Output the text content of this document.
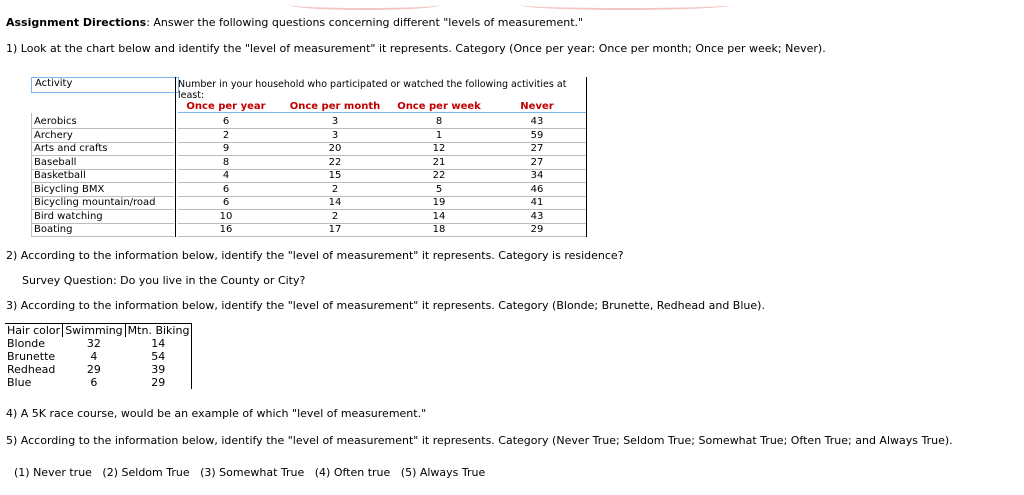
Assignment Directions: Answer the following questions concerning different "levels of measurement."
1) Look at the chart below and identify the "level of measurement" it represents. Category (Once per year: Once per month; Once per week; Never).
Activity	Number in your household who participated or watched the following activities at least:
Once per year	Once per month	Once per week	Never
Aerobics	6	3	8	43
Archery	2	3	1	59
Arts and crafts	9	20	12	27
Baseball	8	22	21	27
Basketball	4	15	22	34
Bicycling BMX	6	2	5	46
Bicycling mountain/road	6	14	19	41
Bird watching	10	2	14	43
Boating	16	17	18	29
2) According to the information below, identify the "level of measurement" it represents. Category is residence?
Survey Question: Do you live in the County or City?
3) According to the information below, identify the "level of measurement" it represents. Category (Blonde; Brunette, Redhead and Blue).
Hair color	Swimming	Mtn. Biking
Blonde	32	14
Brunette	4	54
Redhead	29	39
Blue	6	29
4) A 5K race course, would be an example of which "level of measurement."
5) According to the information below, identify the "level of measurement" it represents. Category (Never True; Seldom True; Somewhat True; Often True; and Always True).
(1) Never true   (2) Seldom True   (3) Somewhat True   (4) Often true   (5) Always True
